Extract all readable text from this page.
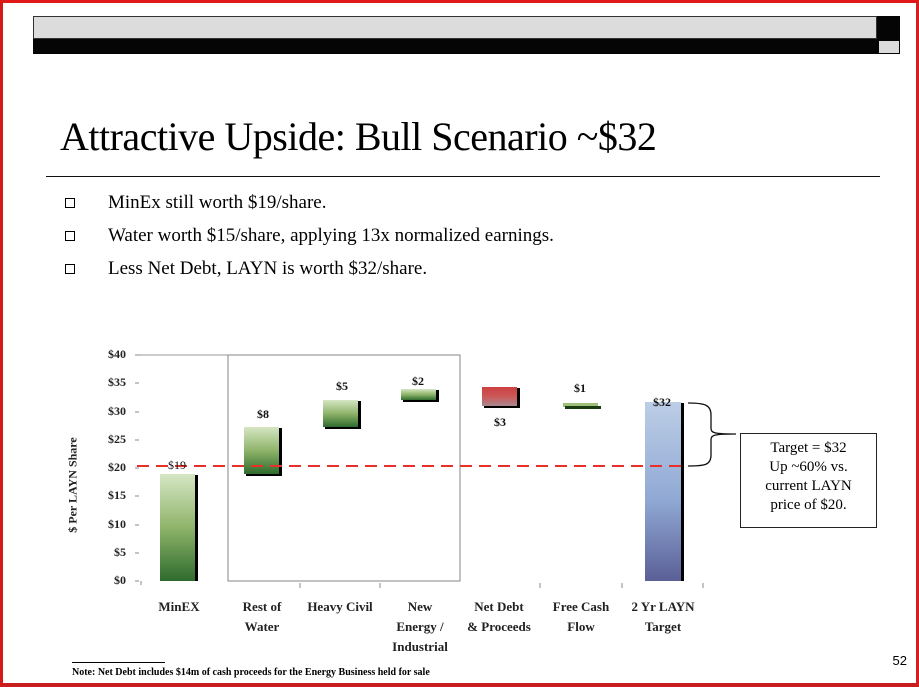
Attractive Upside: Bull Scenario ~$32
MinEx still worth $19/share.
Water worth $15/share, applying 13x normalized earnings.
Less Net Debt, LAYN is worth $32/share.
$40
$35
$30
$25
$20
$15
$10
$5
$0
$ Per LAYN Share	$19
$8
$5	$2
$3
$1
$32
MinEX	Rest of
Water
Heavy Civil	New
Energy /
Industrial
Net Debt
& Proceeds
Free Cash
Flow
2 Yr LAYN
Target
Target = $32
Up ~60% vs.
current LAYN
price of $20.
Note: Net Debt includes $14m of cash proceeds for the Energy Business held for sale
52
